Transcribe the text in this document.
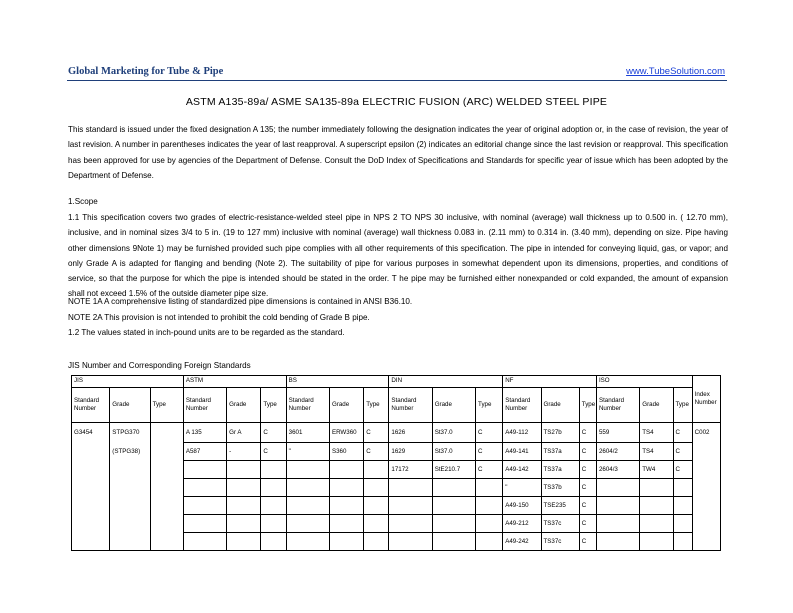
Global Marketing for Tube & Pipe	www.TubeSolution.com
ASTM A135-89a/ ASME SA135-89a ELECTRIC FUSION (ARC) WELDED STEEL PIPE
This standard is issued under the fixed designation A 135; the number immediately following the designation indicates the year of original adoption or, in the case of revision, the year of last revision. A number in parentheses indicates the year of last reapproval. A superscript epsilon (2) indicates an editorial change since the last revision or reapproval. This specification has been approved for use by agencies of the Department of Defense. Consult the DoD Index of Specifications and Standards for specific year of issue which has been adopted by the Department of Defense.
1.Scope
1.1 This specification covers two grades of electric-resistance-welded steel pipe in NPS 2 TO NPS 30 inclusive, with nominal (average) wall thickness up to 0.500 in. ( 12.70 mm), inclusive, and in nominal sizes 3/4 to 5 in. (19 to 127 mm) inclusive with nominal (average) wall thickness 0.083 in. (2.11 mm) to 0.314 in. (3.40 mm), depending on size. Pipe having other dimensions 9Note 1) may be furnished provided such pipe complies with all other requirements of this specification. The pipe in intended for conveying liquid, gas, or vapor; and only Grade A is adapted for flanging and bending (Note 2). The suitability of pipe for various purposes in somewhat dependent upon its dimensions, properties, and conditions of service, so that the purpose for which the pipe is intended should be stated in the order. T he pipe may be furnished either nonexpanded or cold expanded, the amount of expansion shall not exceed 1.5% of the outside diameter pipe size.
NOTE 1A A comprehensive listing of standardized pipe dimensions is contained in ANSI B36.10.
NOTE 2A This provision is not intended to prohibit the cold bending of Grade B pipe.
1.2 The values stated in inch-pound units are to be regarded as the standard.
JIS Number and Corresponding Foreign Standards
JIS			ASTM			BS			DIN			NF			ISO			Index Number
Standard Number	Grade	Type	Standard Number	Grade	Type	Standard Number	Grade	Type	Standard Number	Grade	Type	Standard Number	Grade	Type	Standard Number	Grade	Type	
G3454	STPG370		A 135	Gr A	C	3601	ERW360	C	1626	St37.0	C	A49-112	TS27b	C	559	TS4	C	C002
	(STPG38)		A587	-	C	"	S360	C	1629	St37.0	C	A49-141	TS37a	C	2604/2	TS4	C	
									17172	StE210.7	C	A49-142	TS37a	C	2604/3	TW4	C	
												"	TS37b	C				
												A49-150	TSE235	C				
												A49-212	TS37c	C				
												A49-242	TS37c	C				
